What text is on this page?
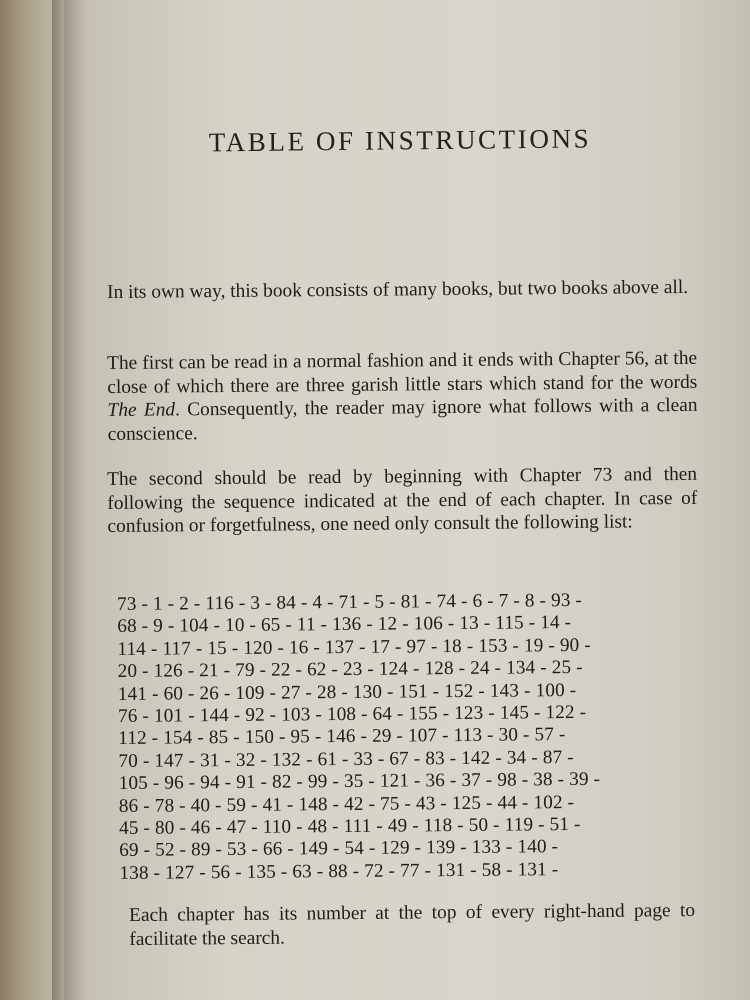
TABLE OF INSTRUCTIONS

In its own way, this book consists of many books, but two books above all.

The first can be read in a normal fashion and it ends with Chapter 56, at the close of which there are three garish little stars which stand for the words The End. Consequently, the reader may ignore what follows with a clean conscience.

The second should be read by beginning with Chapter 73 and then following the sequence indicated at the end of each chapter. In case of confusion or forgetfulness, one need only consult the following list:

73 - 1 - 2 - 116 - 3 - 84 - 4 - 71 - 5 - 81 - 74 - 6 - 7 - 8 - 93 -
68 - 9 - 104 - 10 - 65 - 11 - 136 - 12 - 106 - 13 - 115 - 14 -
114 - 117 - 15 - 120 - 16 - 137 - 17 - 97 - 18 - 153 - 19 - 90 -
20 - 126 - 21 - 79 - 22 - 62 - 23 - 124 - 128 - 24 - 134 - 25 -
141 - 60 - 26 - 109 - 27 - 28 - 130 - 151 - 152 - 143 - 100 -
76 - 101 - 144 - 92 - 103 - 108 - 64 - 155 - 123 - 145 - 122 -
112 - 154 - 85 - 150 - 95 - 146 - 29 - 107 - 113 - 30 - 57 -
70 - 147 - 31 - 32 - 132 - 61 - 33 - 67 - 83 - 142 - 34 - 87 -
105 - 96 - 94 - 91 - 82 - 99 - 35 - 121 - 36 - 37 - 98 - 38 - 39 -
86 - 78 - 40 - 59 - 41 - 148 - 42 - 75 - 43 - 125 - 44 - 102 -
45 - 80 - 46 - 47 - 110 - 48 - 111 - 49 - 118 - 50 - 119 - 51 -
69 - 52 - 89 - 53 - 66 - 149 - 54 - 129 - 139 - 133 - 140 -
138 - 127 - 56 - 135 - 63 - 88 - 72 - 77 - 131 - 58 - 131 -

Each chapter has its number at the top of every right-hand page to facilitate the search.
